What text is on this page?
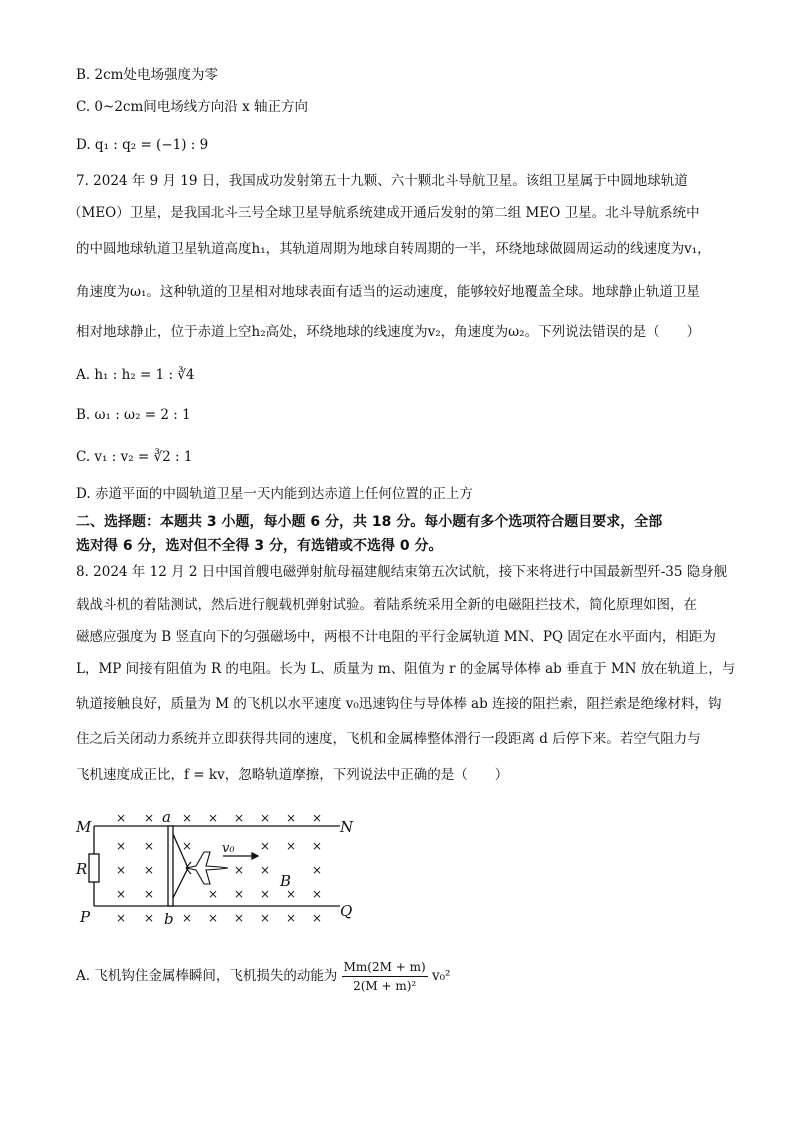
B. 2cm处电场强度为零
C. 0~2cm间电场线方向沿 x 轴正方向
D. q₁ : q₂ = (−1) : 9
7. 2024 年 9 月 19 日，我国成功发射第五十九颗、六十颗北斗导航卫星。该组卫星属于中圆地球轨道
（MEO）卫星，是我国北斗三号全球卫星导航系统建成开通后发射的第二组 MEO 卫星。北斗导航系统中
的中圆地球轨道卫星轨道高度h₁，其轨道周期为地球自转周期的一半，环绕地球做圆周运动的线速度为v₁，
角速度为ω₁。这种轨道的卫星相对地球表面有适当的运动速度，能够较好地覆盖全球。地球静止轨道卫星
相对地球静止，位于赤道上空h₂高处，环绕地球的线速度为v₂，角速度为ω₂。下列说法错误的是（　　）
A. h₁ : h₂ = 1 : ∛4
B. ω₁ : ω₂ = 2 : 1
C. v₁ : v₂ = ∛2 : 1
D. 赤道平面的中圆轨道卫星一天内能到达赤道上任何位置的正上方
二、选择题：本题共 3 小题，每小题 6 分，共 18 分。每小题有多个选项符合题目要求，全部
选对得 6 分，选对但不全得 3 分，有选错或不选得 0 分。
8. 2024 年 12 月 2 日中国首艘电磁弹射航母福建舰结束第五次试航，接下来将进行中国最新型歼-35 隐身舰
载战斗机的着陆测试，然后进行舰载机弹射试验。着陆系统采用全新的电磁阻拦技术，简化原理如图，在
磁感应强度为 B 竖直向下的匀强磁场中，两根不计电阻的平行金属轨道 MN、PQ 固定在水平面内，相距为
L，MP 间接有阻值为 R 的电阻。长为 L、质量为 m、阻值为 r 的金属导体棒 ab 垂直于 MN 放在轨道上，与
轨道接触良好，质量为 M 的飞机以水平速度 v₀迅速钩住与导体棒 ab 连接的阻拦索，阻拦索是绝缘材料，钩
住之后关闭动力系统并立即获得共同的速度，飞机和金属棒整体滑行一段距离 d 后停下来。若空气阻力与
飞机速度成正比，f = kv，忽略轨道摩擦，下列说法中正确的是（　　）
× × × × × × × ×
× × ×	× × ×
× ×	× ×	×
× ×	× × × × ×
× × × × × × × ×
M	N
R
P	Q
a
b
B
v₀
A. 飞机钩住金属棒瞬间，飞机损失的动能为 $\frac{Mm(2M + m)}{\text{2(M + m)²}} v_0^2$
